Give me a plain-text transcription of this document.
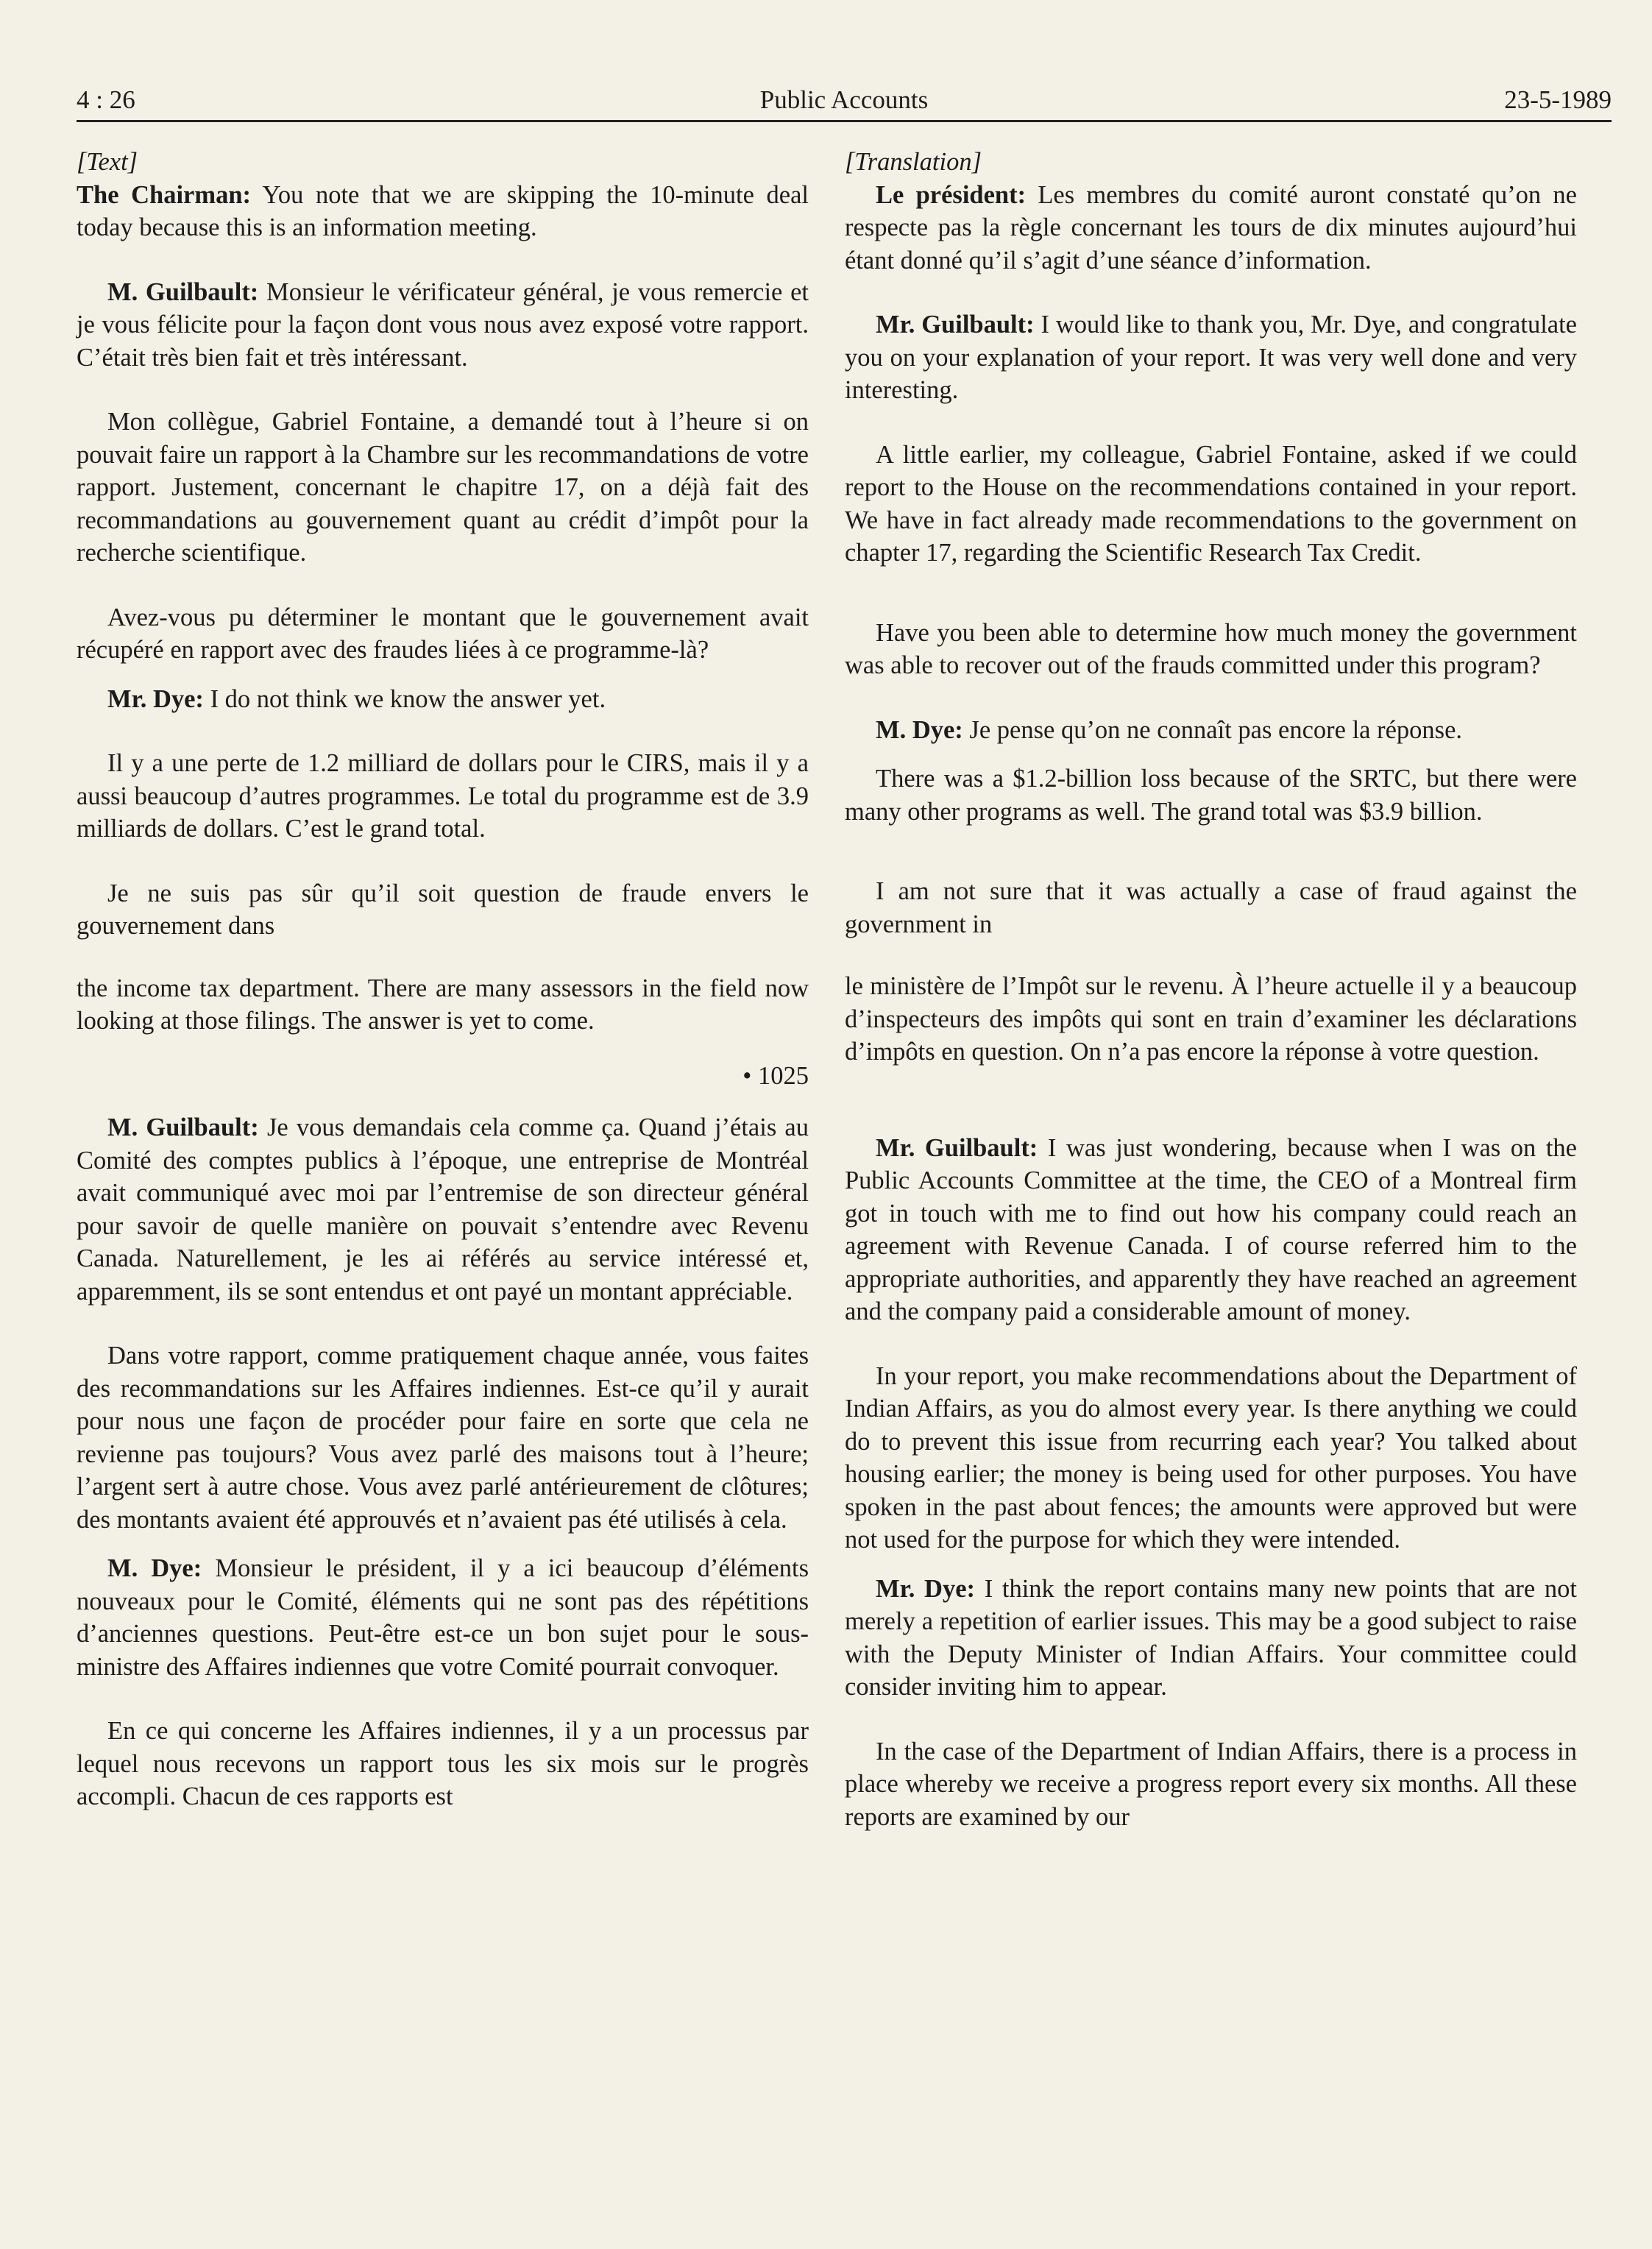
Public Accounts
4 : 26	23-5-1989

[Text]

The Chairman: You note that we are skipping the 10-minute deal today because this is an information meeting.

M. Guilbault: Monsieur le vérificateur général, je vous remercie et je vous félicite pour la façon dont vous nous avez exposé votre rapport. C’était très bien fait et très intéressant.

Mon collègue, Gabriel Fontaine, a demandé tout à l’heure si on pouvait faire un rapport à la Chambre sur les recommandations de votre rapport. Justement, concernant le chapitre 17, on a déjà fait des recommandations au gouvernement quant au crédit d’impôt pour la recherche scientifique.

Avez-vous pu déterminer le montant que le gouvernement avait récupéré en rapport avec des fraudes liées à ce programme-là?

Mr. Dye: I do not think we know the answer yet.

Il y a une perte de 1.2 milliard de dollars pour le CIRS, mais il y a aussi beaucoup d’autres programmes. Le total du programme est de 3.9 milliards de dollars. C’est le grand total.

Je ne suis pas sûr qu’il soit question de fraude envers le gouvernement dans

the income tax department. There are many assessors in the field now looking at those filings. The answer is yet to come.

• 1025

M. Guilbault: Je vous demandais cela comme ça. Quand j’étais au Comité des comptes publics à l’époque, une entreprise de Montréal avait communiqué avec moi par l’entremise de son directeur général pour savoir de quelle manière on pouvait s’entendre avec Revenu Canada. Naturellement, je les ai référés au service intéressé et, apparemment, ils se sont entendus et ont payé un montant appréciable.

Dans votre rapport, comme pratiquement chaque année, vous faites des recommandations sur les Affaires indiennes. Est-ce qu’il y aurait pour nous une façon de procéder pour faire en sorte que cela ne revienne pas toujours? Vous avez parlé des maisons tout à l’heure; l’argent sert à autre chose. Vous avez parlé antérieurement de clôtures; des montants avaient été approuvés et n’avaient pas été utilisés à cela.

M. Dye: Monsieur le président, il y a ici beaucoup d’éléments nouveaux pour le Comité, éléments qui ne sont pas des répétitions d’anciennes questions. Peut-être est-ce un bon sujet pour le sous-ministre des Affaires indiennes que votre Comité pourrait convoquer.

En ce qui concerne les Affaires indiennes, il y a un processus par lequel nous recevons un rapport tous les six mois sur le progrès accompli. Chacun de ces rapports est

[Translation]

Le président: Les membres du comité auront constaté qu’on ne respecte pas la règle concernant les tours de dix minutes aujourd’hui étant donné qu’il s’agit d’une séance d’information.

Mr. Guilbault: I would like to thank you, Mr. Dye, and congratulate you on your explanation of your report. It was very well done and very interesting.

A little earlier, my colleague, Gabriel Fontaine, asked if we could report to the House on the recommendations contained in your report. We have in fact already made recommendations to the government on chapter 17, regarding the Scientific Research Tax Credit.

Have you been able to determine how much money the government was able to recover out of the frauds committed under this program?

M. Dye: Je pense qu’on ne connaît pas encore la réponse.

There was a $1.2-billion loss because of the SRTC, but there were many other programs as well. The grand total was $3.9 billion.

I am not sure that it was actually a case of fraud against the government in

le ministère de l’Impôt sur le revenu. À l’heure actuelle il y a beaucoup d’inspecteurs des impôts qui sont en train d’examiner les déclarations d’impôts en question. On n’a pas encore la réponse à votre question.

Mr. Guilbault: I was just wondering, because when I was on the Public Accounts Committee at the time, the CEO of a Montreal firm got in touch with me to find out how his company could reach an agreement with Revenue Canada. I of course referred him to the appropriate authorities, and apparently they have reached an agreement and the company paid a considerable amount of money.

In your report, you make recommendations about the Department of Indian Affairs, as you do almost every year. Is there anything we could do to prevent this issue from recurring each year? You talked about housing earlier; the money is being used for other purposes. You have spoken in the past about fences; the amounts were approved but were not used for the purpose for which they were intended.

Mr. Dye: I think the report contains many new points that are not merely a repetition of earlier issues. This may be a good subject to raise with the Deputy Minister of Indian Affairs. Your committee could consider inviting him to appear.

In the case of the Department of Indian Affairs, there is a process in place whereby we receive a progress report every six months. All these reports are examined by our
